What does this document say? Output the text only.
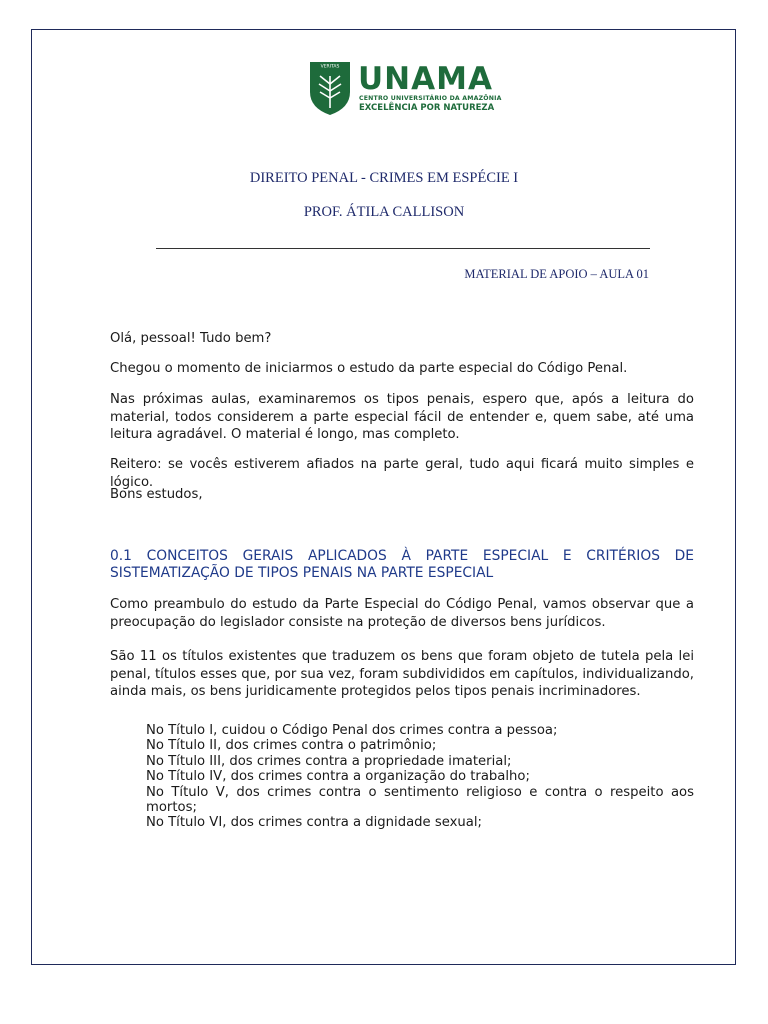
VERITAS UNAMA
CENTRO UNIVERSITÁRIO DA AMAZÔNIA
EXCELÊNCIA POR NATUREZA
DIREITO PENAL - CRIMES EM ESPÉCIE I
PROF. ÁTILA CALLISON
MATERIAL DE APOIO – AULA 01
Olá, pessoal! Tudo bem?
Chegou o momento de iniciarmos o estudo da parte especial do Código Penal.
Nas próximas aulas, examinaremos os tipos penais, espero que, após a leitura do material, todos considerem a parte especial fácil de entender e, quem sabe, até uma leitura agradável. O material é longo, mas completo.
Reiterо: se vocês estiverem afiados na parte geral, tudo aqui ficará muito simples e lógico.
Bons estudos,
0.1 CONCEITOS GERAIS APLICADOS À PARTE ESPECIAL E CRITÉRIOS DE SISTEMATIZAÇÃO DE TIPOS PENAIS NA PARTE ESPECIAL
Como preambulo do estudo da Parte Especial do Código Penal, vamos observar que a preocupação do legislador consiste na proteção de diversos bens jurídicos.
São 11 os títulos existentes que traduzem os bens que foram objeto de tutela pela lei penal, títulos esses que, por sua vez, foram subdivididos em capítulos, individualizando, ainda mais, os bens juridicamente protegidos pelos tipos penais incriminadores.
No Título I, cuidou o Código Penal dos crimes contra a pessoa;
No Título II, dos crimes contra o patrimônio;
No Título III, dos crimes contra a propriedade imaterial;
No Título IV, dos crimes contra a organização do trabalho;
No Título V, dos crimes contra o sentimento religioso e contra o respeito aos mortos;
No Título VI, dos crimes contra a dignidade sexual;
